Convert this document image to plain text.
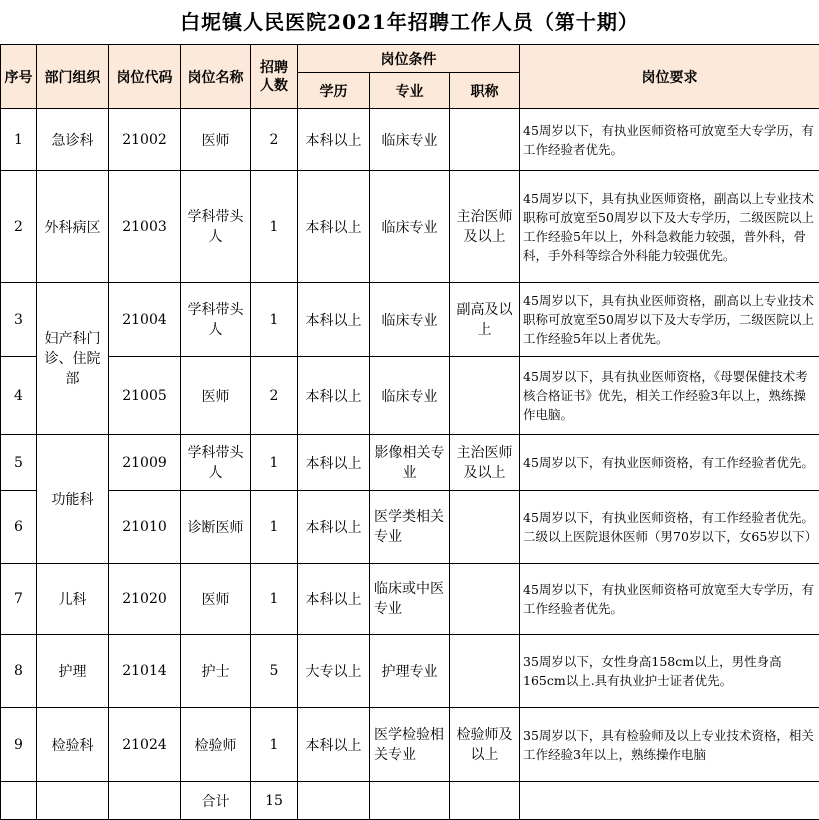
白坭镇人民医院2021年招聘工作人员（第十期）
序号	部门组织	岗位代码	岗位名称	招聘人数	岗位条件			岗位要求
					学历	专业	职称	
1	急诊科	21002	医师	2	本科以上	临床专业		45周岁以下，有执业医师资格可放宽至大专学历，有工作经验者优先。
2	外科病区	21003	学科带头人	1	本科以上	临床专业	主治医师及以上	45周岁以下，具有执业医师资格，副高以上专业技术职称可放宽至50周岁以下及大专学历，二级医院以上工作经验5年以上，外科急救能力较强，普外科，骨科，手外科等综合外科能力较强优先。
3	妇产科门诊、住院部	21004	学科带头人	1	本科以上	临床专业	副高及以上	45周岁以下，具有执业医师资格，副高以上专业技术职称可放宽至50周岁以下及大专学历，二级医院以上工作经验5年以上者优先。
4		21005	医师	2	本科以上	临床专业		45周岁以下，具有执业医师资格，《母婴保健技术考核合格证书》优先，相关工作经验3年以上，熟练操作电脑。
5	功能科	21009	学科带头人	1	本科以上	影像相关专业	主治医师及以上	45周岁以下，有执业医师资格，有工作经验者优先。
6		21010	诊断医师	1	本科以上	医学类相关专业		45周岁以下，有执业医师资格，有工作经验者优先。二级以上医院退休医师（男70岁以下，女65岁以下）
7	儿科	21020	医师	1	本科以上	临床或中医专业		45周岁以下，有执业医师资格可放宽至大专学历，有工作经验者优先。
8	护理	21014	护士	5	大专以上	护理专业		35周岁以下，女性身高158cm以上，男性身高165cm以上.具有执业护士证者优先。
9	检验科	21024	检验师	1	本科以上	医学检验相关专业	检验师及以上	35周岁以下，具有检验师及以上专业技术资格，相关工作经验3年以上，熟练操作电脑
			合计	15				
